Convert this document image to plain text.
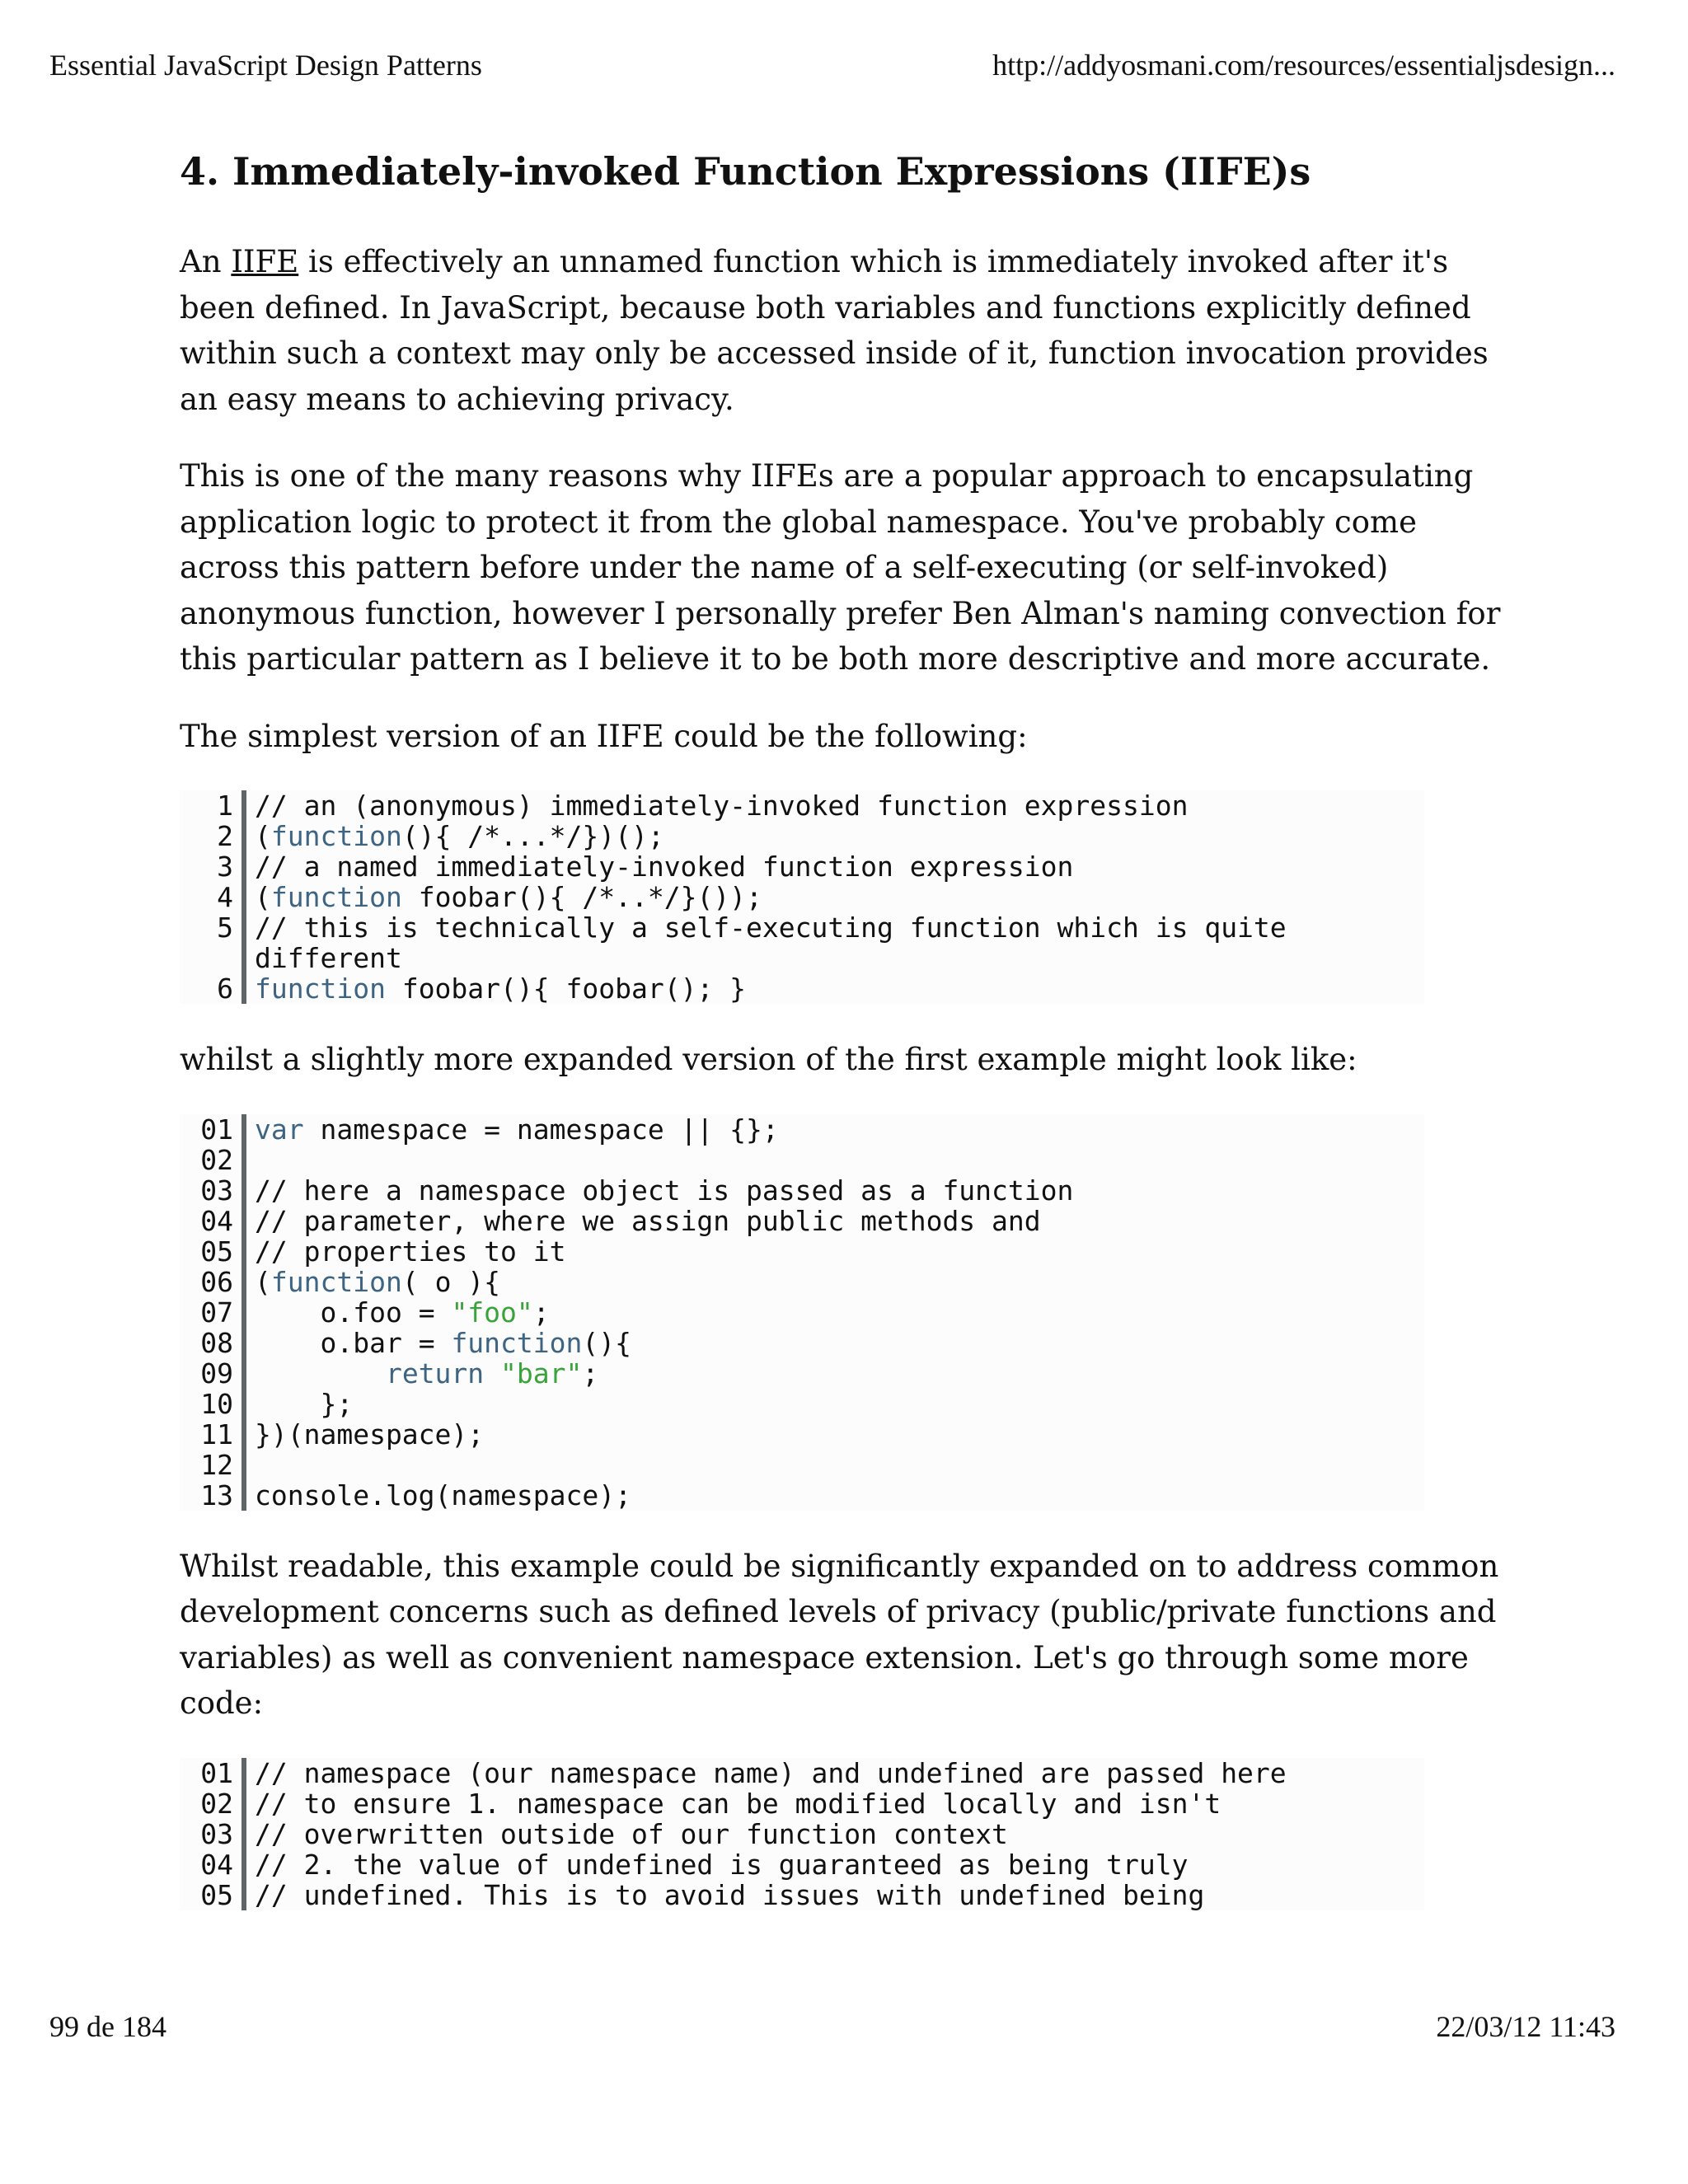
Essential JavaScript Design Patterns	http://addyosmani.com/resources/essentialjsdesign...
4. Immediately-invoked Function Expressions (IIFE)s

An IIFE is effectively an unnamed function which is immediately invoked after it's been defined. In JavaScript, because both variables and functions explicitly defined within such a context may only be accessed inside of it, function invocation provides an easy means to achieving privacy.

This is one of the many reasons why IIFEs are a popular approach to encapsulating application logic to protect it from the global namespace. You've probably come across this pattern before under the name of a self-executing (or self-invoked) anonymous function, however I personally prefer Ben Alman's naming convection for this particular pattern as I believe it to be both more descriptive and more accurate.

The simplest version of an IIFE could be the following:

1 // an (anonymous) immediately-invoked function expression
2 (function(){ /*...*/})();
3 // a named immediately-invoked function expression
4 (function foobar(){ /*..*/}());
5 // this is technically a self-executing function which is quite
different
6 function foobar(){ foobar(); }

whilst a slightly more expanded version of the first example might look like:

01 var namespace = namespace || {};
02

03 // here a namespace object is passed as a function
04 // parameter, where we assign public methods and
05 // properties to it
06 (function( o ){
07 o.foo = "foo";
08 o.bar = function(){
09	return "bar";
10 };
11 })(namespace);
12

13 console.log(namespace);

Whilst readable, this example could be significantly expanded on to address common development concerns such as defined levels of privacy (public/private functions and variables) as well as convenient namespace extension. Let's go through some more code:

01 // namespace (our namespace name) and undefined are passed here
02 // to ensure 1. namespace can be modified locally and isn't
03 // overwritten outside of our function context
04 // 2. the value of undefined is guaranteed as being truly
05 // undefined. This is to avoid issues with undefined being
99 de 184	22/03/12 11:43
